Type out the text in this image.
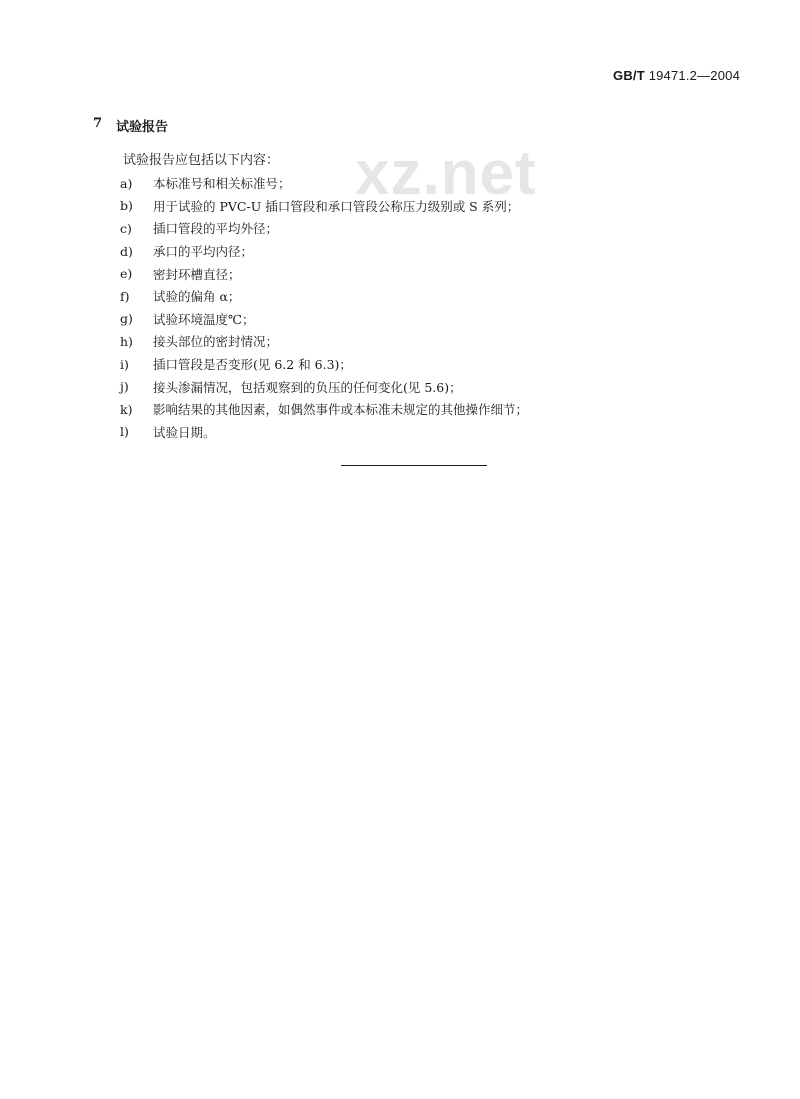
GB/T 19471.2—2004
xz.net
7 试验报告
试验报告应包括以下内容：
a)	本标准号和相关标准号；
b)	用于试验的 PVC-U 插口管段和承口管段公称压力级别或 S 系列；
c)	插口管段的平均外径；
d)	承口的平均内径；
e)	密封环槽直径；
f)	试验的偏角 α；
g)	试验环境温度℃；
h)	接头部位的密封情况；
i)	插口管段是否变形(见 6.2 和 6.3)；
j)	接头渗漏情况，包括观察到的负压的任何变化(见 5.6)；
k)	影响结果的其他因素，如偶然事件或本标准未规定的其他操作细节；
l)	试验日期。
